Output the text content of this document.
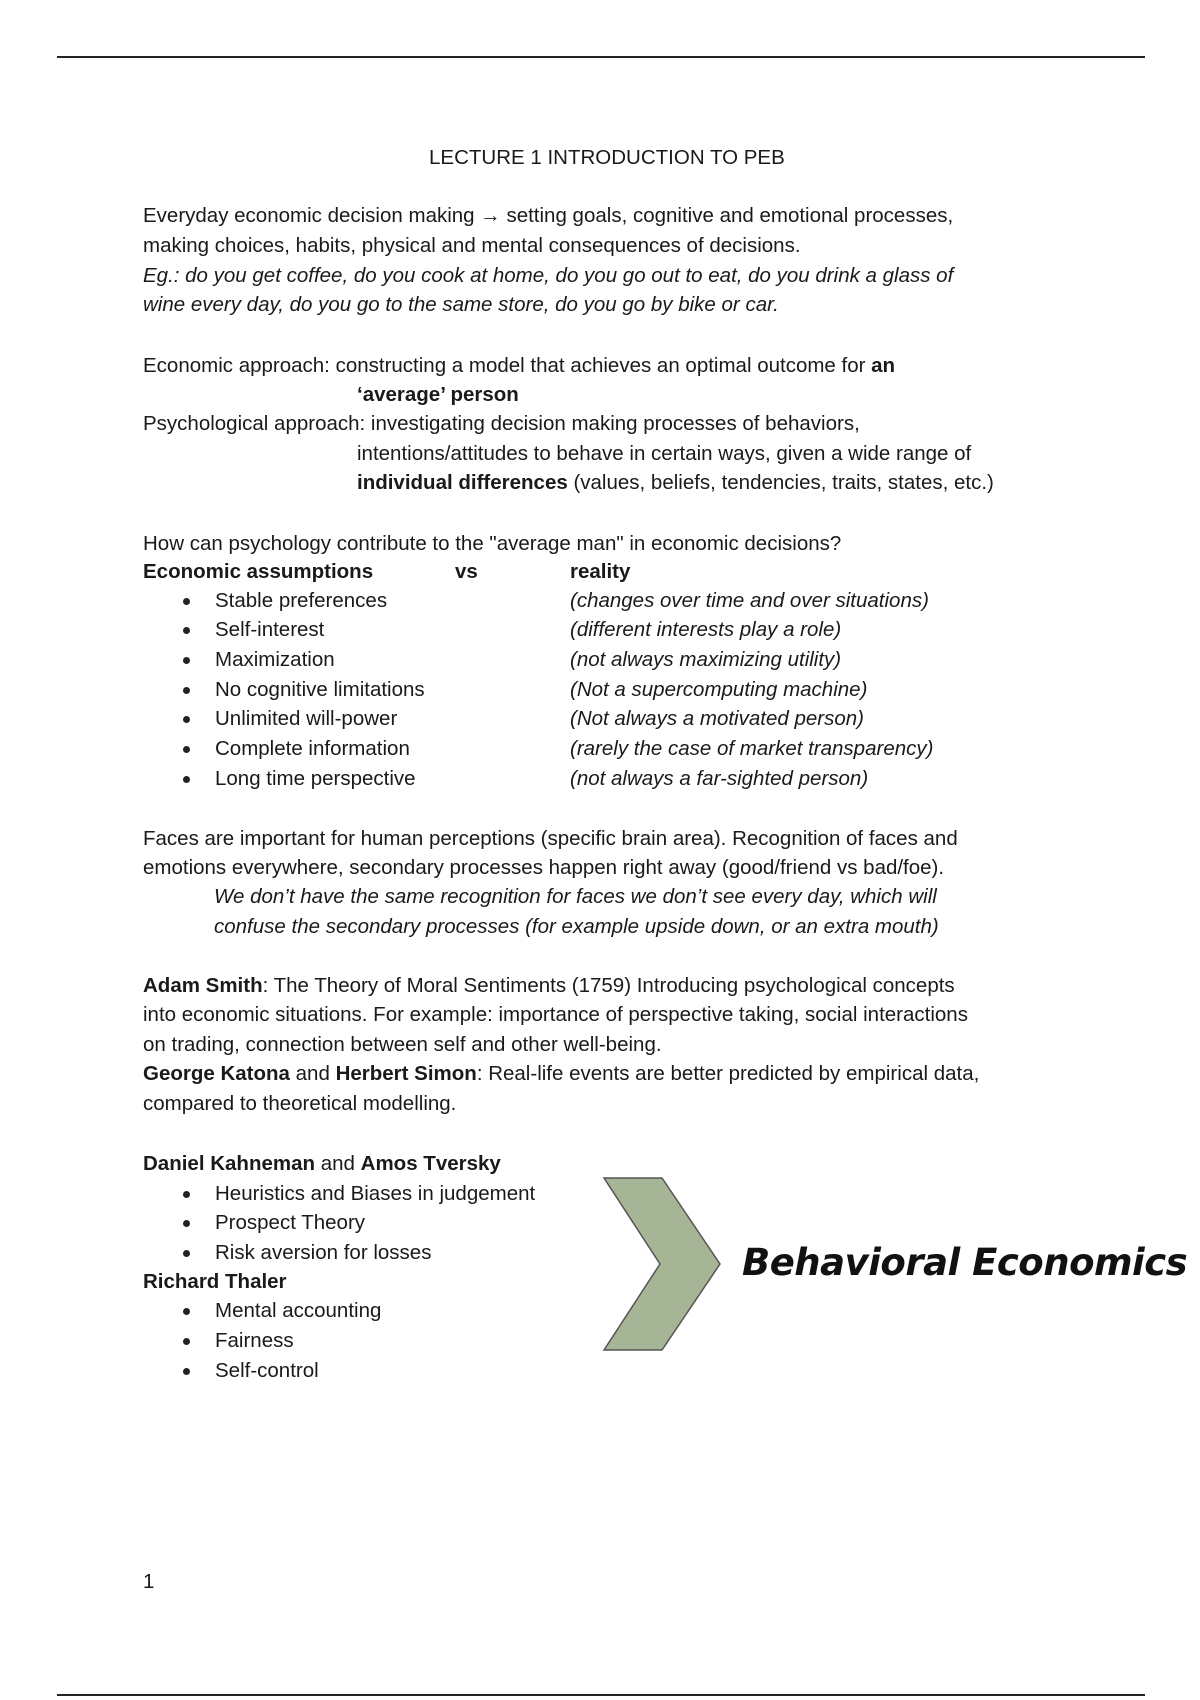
LECTURE 1 INTRODUCTION TO PEB
Everyday economic decision making → setting goals, cognitive and emotional processes,
making choices, habits, physical and mental consequences of decisions.
Eg.: do you get coffee, do you cook at home, do you go out to eat, do you drink a glass of
wine every day, do you go to the same store, do you go by bike or car.
Economic approach: constructing a model that achieves an optimal outcome for an
‘average’ person
Psychological approach: investigating decision making processes of behaviors,
intentions/attitudes to behave in certain ways, given a wide range of
individual differences (values, beliefs, tendencies, traits, states, etc.)
How can psychology contribute to the "average man" in economic decisions?
Economic assumptions	vs	reality
Stable preferences	(changes over time and over situations)
Self-interest	(different interests play a role)
Maximization	(not always maximizing utility)
No cognitive limitations	(Not a supercomputing machine)
Unlimited will-power	(Not always a motivated person)
Complete information	(rarely the case of market transparency)
Long time perspective	(not always a far-sighted person)
Faces are important for human perceptions (specific brain area). Recognition of faces and
emotions everywhere, secondary processes happen right away (good/friend vs bad/foe).
We don’t have the same recognition for faces we don’t see every day, which will
confuse the secondary processes (for example upside down, or an extra mouth)
Adam Smith: The Theory of Moral Sentiments (1759) Introducing psychological concepts
into economic situations. For example: importance of perspective taking, social interactions
on trading, connection between self and other well-being.
George Katona and Herbert Simon: Real-life events are better predicted by empirical data,
compared to theoretical modelling.
Daniel Kahneman and Amos Tversky
Heuristics and Biases in judgement
Prospect Theory
Risk aversion for losses
Richard Thaler
Mental accounting
Fairness
Self-control
Behavioral Economics
1
